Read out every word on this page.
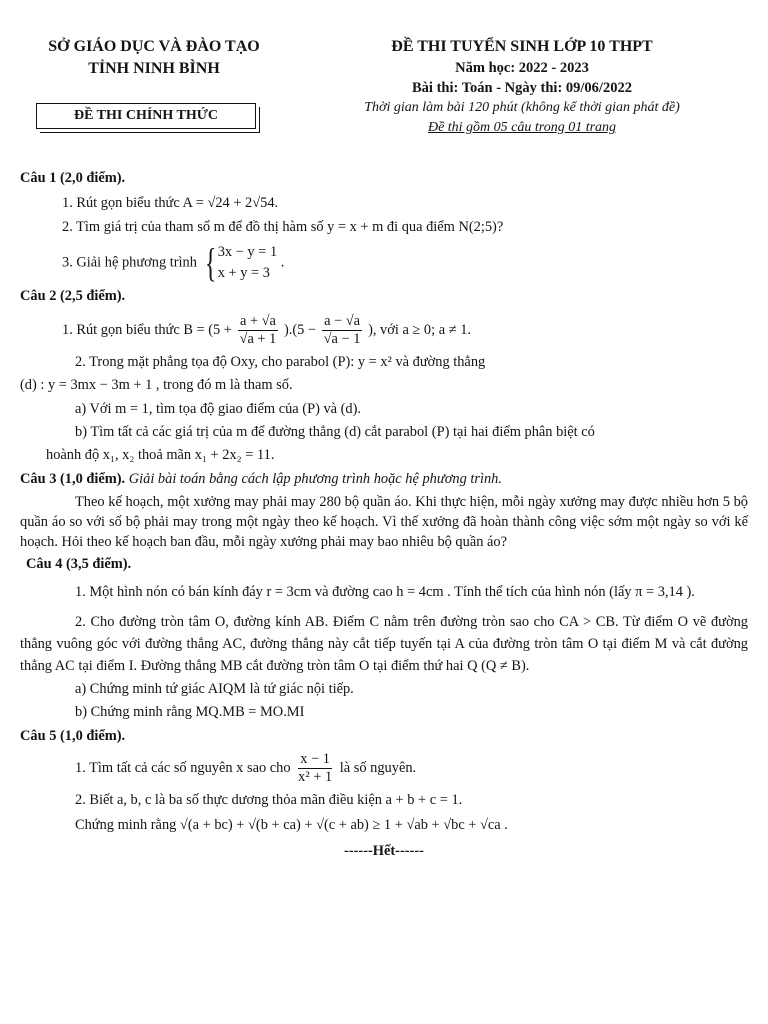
SỞ GIÁO DỤC VÀ ĐÀO TẠO
TỈNH NINH BÌNH
ĐỀ THI CHÍNH THỨC
ĐỀ THI TUYỂN SINH LỚP 10 THPT
Năm học: 2022 - 2023
Bài thi: Toán - Ngày thi: 09/06/2022
Thời gian làm bài 120 phút (không kể thời gian phát đề)
Đề thi gồm 05 câu trong 01 trang
Câu 1 (2,0 điểm).
1. Rút gọn biểu thức A = √24 + 2√54.
2. Tìm giá trị của tham số m để đồ thị hàm số y = x + m đi qua điểm N(2;5)?
3. Giải hệ phương trình { 3x − y = 1
x + y = 3
.
Câu 2 (2,5 điểm).
1. Rút gọn biểu thức $B = (5 + \frac{a + √a}{√a + 1} ).(5 - \frac{a - √a}{√a - 1}$ ), với a ≥ 0; a ≠ 1.
2. Trong mặt phẳng tọa độ Oxy, cho parabol (P): y = x² và đường thẳng
(d) : y = 3mx − 3m + 1 , trong đó m là tham số.
a) Với m = 1, tìm tọa độ giao điểm của (P) và (d).
b) Tìm tất cả các giá trị của m để đường thẳng (d) cắt parabol (P) tại hai điểm phân biệt có
hoành độ x₁, x₂ thoả mãn x₁ + 2x₂ = 11.
Câu 3 (1,0 điểm). Giải bài toán bằng cách lập phương trình hoặc hệ phương trình.
Theo kế hoạch, một xưởng may phải may 280 bộ quần áo. Khi thực hiện, mỗi ngày xưởng may được nhiều hơn 5 bộ quần áo so với số bộ phải may trong một ngày theo kế hoạch. Vì thế xưởng đã hoàn thành công việc sớm một ngày so với kế hoạch. Hỏi theo kế hoạch ban đầu, mỗi ngày xưởng phải may bao nhiêu bộ quần áo?
Câu 4 (3,5 điểm).
1. Một hình nón có bán kính đáy r = 3cm và đường cao h = 4cm . Tính thể tích của hình nón (lấy π = 3,14 ).
2. Cho đường tròn tâm O, đường kính AB. Điểm C nằm trên đường tròn sao cho CA > CB. Từ điểm O vẽ đường thẳng vuông góc với đường thẳng AC, đường thẳng này cắt tiếp tuyến tại A của đường tròn tâm O tại điểm M và cắt đường thẳng AC tại điểm I. Đường thẳng MB cắt đường tròn tâm O tại điểm thứ hai Q (Q ≠ B).
a) Chứng minh tứ giác AIQM là tứ giác nội tiếp.
b) Chứng minh rằng MQ.MB = MO.MI
Câu 5 (1,0 điểm).
1. Tìm tất cả các số nguyên x sao cho $\frac{x - 1}{\text{x² + 1}}$ là số nguyên.
2. Biết a, b, c là ba số thực dương thỏa mãn điều kiện a + b + c = 1.
Chứng minh rằng √(a + bc) + √(b + ca) + √(c + ab) ≥ 1 + √ab + √bc + √ca .
------Hết------
